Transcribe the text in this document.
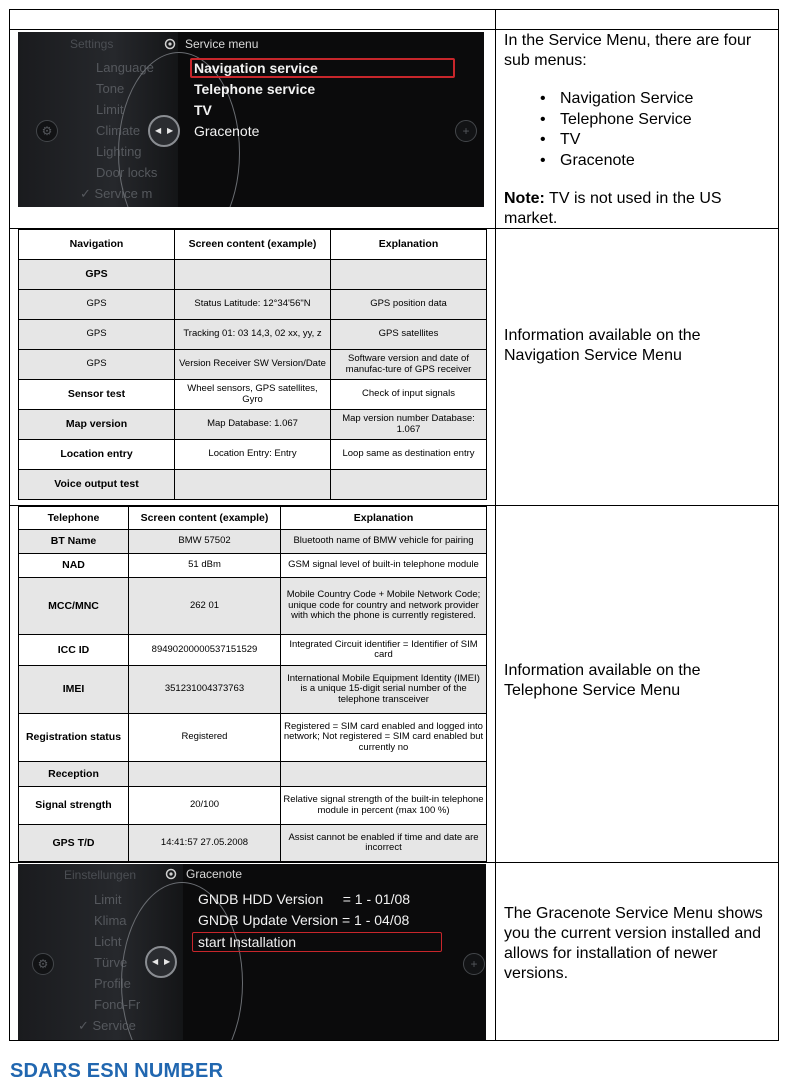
Settings
Language
Tone
Limit
Climate
Lighting
Door locks
✓ Service m
⚙	+
◀ ▶
Service menu
Navigation service
Telephone service
TV
Gracenote

In the Service Menu, there are four sub menus:

• Navigation Service
• Telephone Service
• TV
• Gracenote

Note: TV is not used in the US market.

Navigation	Screen content (example)	Explanation
GPS		
GPS	Status Latitude: 12°34'56"N	GPS position data
GPS	Tracking 01: 03 14,3, 02 xx, yy, z	GPS satellites
GPS	Version Receiver SW Version/Date	Software version and date of manufac-ture of GPS receiver
Sensor test	Wheel sensors, GPS satellites, Gyro	Check of input signals
Map version	Map Database: 1.067	Map version number Database: 1.067
Location entry	Location Entry: Entry	Loop same as destination entry
Voice output test		
Information available on the Navigation Service Menu
Telephone	Screen content (example)	Explanation
BT Name	BMW 57502	Bluetooth name of BMW vehicle for pairing
NAD	51 dBm	GSM signal level of built-in telephone module
MCC/MNC	262 01	Mobile Country Code + Mobile Network Code; unique code for country and network provider with which the phone is currently registered.
ICC ID	89490200000537151529	Integrated Circuit identifier = Identifier of SIM card
IMEI	351231004373763	International Mobile Equipment Identity (IMEI) is a unique 15-digit serial number of the telephone transceiver
Registration status	Registered	Registered = SIM card enabled and logged into network; Not registered = SIM card enabled but currently no
Reception		
Signal strength	20/100	Relative signal strength of the built-in telephone module in percent (max 100 %)
GPS T/D	14:41:57 27.05.2008	Assist cannot be enabled if time and date are incorrect
Information available on the Telephone Service Menu
Einstellungen
Limit
Klima
Licht
Türve
Profile
Fond-Fr
✓ Service
⚙	+
◀ ▶
Gracenote
GNDB HDD Version     = 1 - 01/08
GNDB Update Version = 1 - 04/08
start Installation
The Gracenote Service Menu shows you the current version installed and allows for installation of newer versions.
SDARS ESN NUMBER
